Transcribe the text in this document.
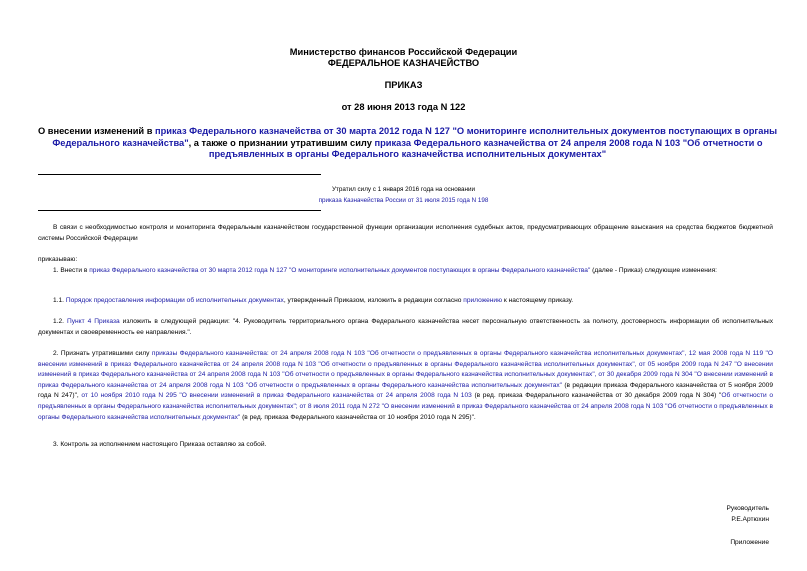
Министерство финансов Российской Федерации
ФЕДЕРАЛЬНОЕ КАЗНАЧЕЙСТВО
ПРИКАЗ
от 28 июня 2013 года N 122
О внесении изменений в приказ Федерального казначейства от 30 марта 2012 года N 127 "О мониторинге исполнительных документов поступающих в органы Федерального казначейства", а также о признании утратившим силу приказа Федерального казначейства от 24 апреля 2008 года N 103 "Об отчетности о предъявленных в органы Федерального казначейства исполнительных документах"
Утратил силу с 1 января 2016 года на основании
приказа Казначейства России от 31 июля 2015 года N 198
В связи с необходимостью контроля и мониторинга Федеральным казначейством государственной функции организации исполнения судебных актов, предусматривающих обращение взыскания на средства бюджетов бюджетной системы Российской Федерации
приказываю:
1. Внести в приказ Федерального казначейства от 30 марта 2012 года N 127 "О мониторинге исполнительных документов поступающих в органы Федерального казначейства" (далее - Приказ) следующие изменения:
1.1. Порядок предоставления информации об исполнительных документах, утвержденный Приказом, изложить в редакции согласно приложению к настоящему приказу.
1.2. Пункт 4 Приказа изложить в следующей редакции: "4. Руководитель территориального органа Федерального казначейства несет персональную ответственность за полноту, достоверность информации об исполнительных документах и своевременность ее направления.".
2. Признать утратившими силу приказы Федерального казначейства: от 24 апреля 2008 года N 103 "Об отчетности о предъявленных в органы Федерального казначейства исполнительных документах", 12 мая 2008 года N 119 "О внесении изменений в приказ Федерального казначейства от 24 апреля 2008 года N 103 "Об отчетности о предъявленных в органы Федерального казначейства исполнительных документах", от 05 ноября 2009 года N 247 "О внесении изменений в приказ Федерального казначейства от 24 апреля 2008 года N 103 "Об отчетности о предъявленных в органы Федерального казначейства исполнительных документах", от 30 декабря 2009 года N 304 "О внесении изменений в приказ Федерального казначейства от 24 апреля 2008 года N 103 "Об отчетности о предъявленных в органы Федерального казначейства исполнительных документах" (в редакции приказа Федерального казначейства от 5 ноября 2009 года N 247)", от 10 ноября 2010 года N 295 "О внесении изменений в приказ Федерального казначейства от 24 апреля 2008 года N 103 (в ред. приказа Федерального казначейства от 30 декабря 2009 года N 304) "Об отчетности о предъявленных в органы Федерального казначейства исполнительных документах"; от 8 июля 2011 года N 272 "О внесении изменений в приказ Федерального казначейства от 24 апреля 2008 года N 103 "Об отчетности о предъявленных в органы Федерального казначейства исполнительных документах" (в ред. приказа Федерального казначейства от 10 ноября 2010 года N 295)".
3. Контроль за исполнением настоящего Приказа оставляю за собой.
Руководитель
Р.Е.Артюхин
Приложение
